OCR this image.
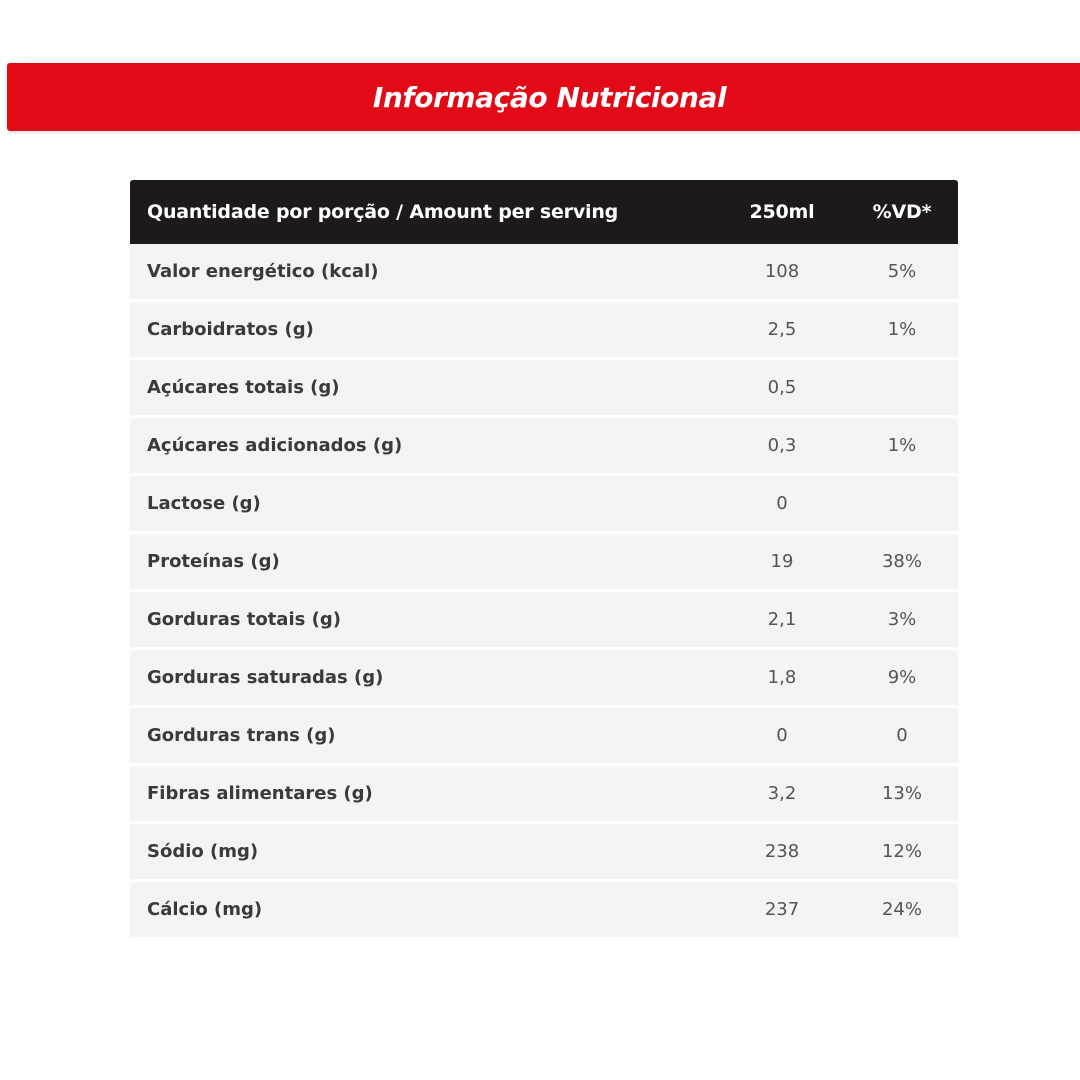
Informação Nutricional
Quantidade por porção / Amount per serving	250ml	%VD*
Valor energético (kcal)	108	5%
Carboidratos (g)	2,5	1%
Açúcares totais (g)	0,5	
Açúcares adicionados (g)	0,3	1%
Lactose (g)	0	
Proteínas (g)	19	38%
Gorduras totais (g)	2,1	3%
Gorduras saturadas (g)	1,8	9%
Gorduras trans (g)	0	0
Fibras alimentares (g)	3,2	13%
Sódio (mg)	238	12%
Cálcio (mg)	237	24%
